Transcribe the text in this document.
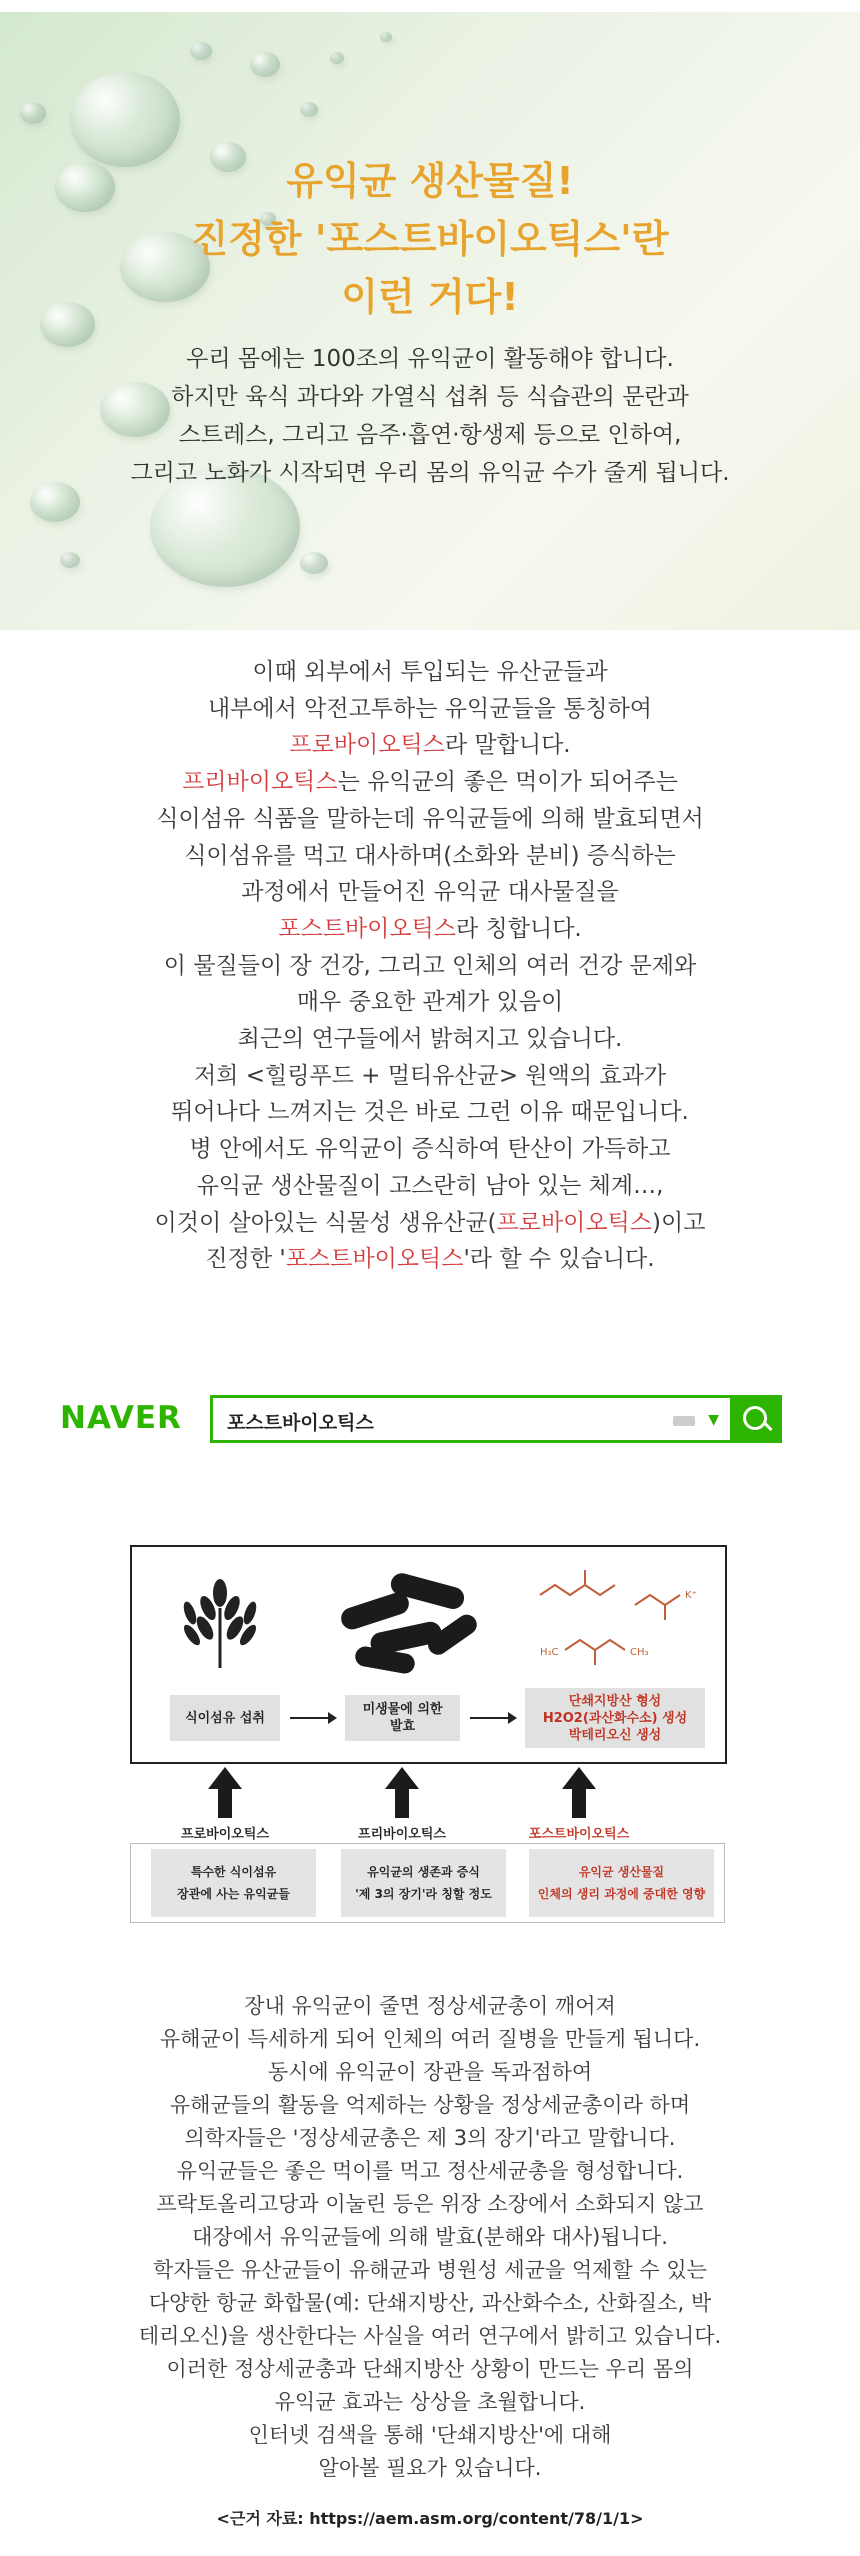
유익균 생산물질!
진정한 '포스트바이오틱스'란
이런 거다!
우리 몸에는 100조의 유익균이 활동해야 합니다.
하지만 육식 과다와 가열식 섭취 등 식습관의 문란과
스트레스, 그리고 음주·흡연·항생제 등으로 인하여,
그리고 노화가 시작되면 우리 몸의 유익균 수가 줄게 됩니다.
이때 외부에서 투입되는 유산균들과
내부에서 악전고투하는 유익균들을 통칭하여
프로바이오틱스라 말합니다.
프리바이오틱스는 유익균의 좋은 먹이가 되어주는
식이섬유 식품을 말하는데 유익균들에 의해 발효되면서
식이섬유를 먹고 대사하며(소화와 분비) 증식하는
과정에서 만들어진 유익균 대사물질을
포스트바이오틱스라 칭합니다.
이 물질들이 장 건강, 그리고 인체의 여러 건강 문제와
매우 중요한 관계가 있음이
최근의 연구들에서 밝혀지고 있습니다.
저희 <힐링푸드 + 멀티유산균> 원액의 효과가
뛰어나다 느껴지는 것은 바로 그런 이유 때문입니다.
병 안에서도 유익균이 증식하여 탄산이 가득하고
유익균 생산물질이 고스란히 남아 있는 체계…,
이것이 살아있는 식물성 생유산균(프로바이오틱스)이고
진정한 '포스트바이오틱스'라 할 수 있습니다.
NAVER 포스트바이오틱스	▼
K⁺
H₃C	CH₃
식이섬유 섭취
미생물에 의한
발효
단쇄지방산 형성
H2O2(과산화수소) 생성
박테리오신 생성
프로바이오틱스	프리바이오틱스	포스트바이오틱스
특수한 식이섬유
장관에 사는 유익균들
유익균의 생존과 증식
'제 3의 장기'라 칭할 정도
유익균 생산물질
인체의 생리 과정에 중대한 영향
장내 유익균이 줄면 정상세균총이 깨어져
유해균이 득세하게 되어 인체의 여러 질병을 만들게 됩니다.
동시에 유익균이 장관을 독과점하여
유해균들의 활동을 억제하는 상황을 정상세균총이라 하며
의학자들은 '정상세균총은 제 3의 장기'라고 말합니다.
유익균들은 좋은 먹이를 먹고 정산세균총을 형성합니다.
프락토올리고당과 이눌린 등은 위장 소장에서 소화되지 않고
대장에서 유익균들에 의해 발효(분해와 대사)됩니다.
학자들은 유산균들이 유해균과 병원성 세균을 억제할 수 있는
다양한 항균 화합물(예: 단쇄지방산, 과산화수소, 산화질소, 박
테리오신)을 생산한다는 사실을 여러 연구에서 밝히고 있습니다.
이러한 정상세균총과 단쇄지방산 상황이 만드는 우리 몸의
유익균 효과는 상상을 초월합니다.
인터넷 검색을 통해 '단쇄지방산'에 대해
알아볼 필요가 있습니다.
<근거 자료: https://aem.asm.org/content/78/1/1>
